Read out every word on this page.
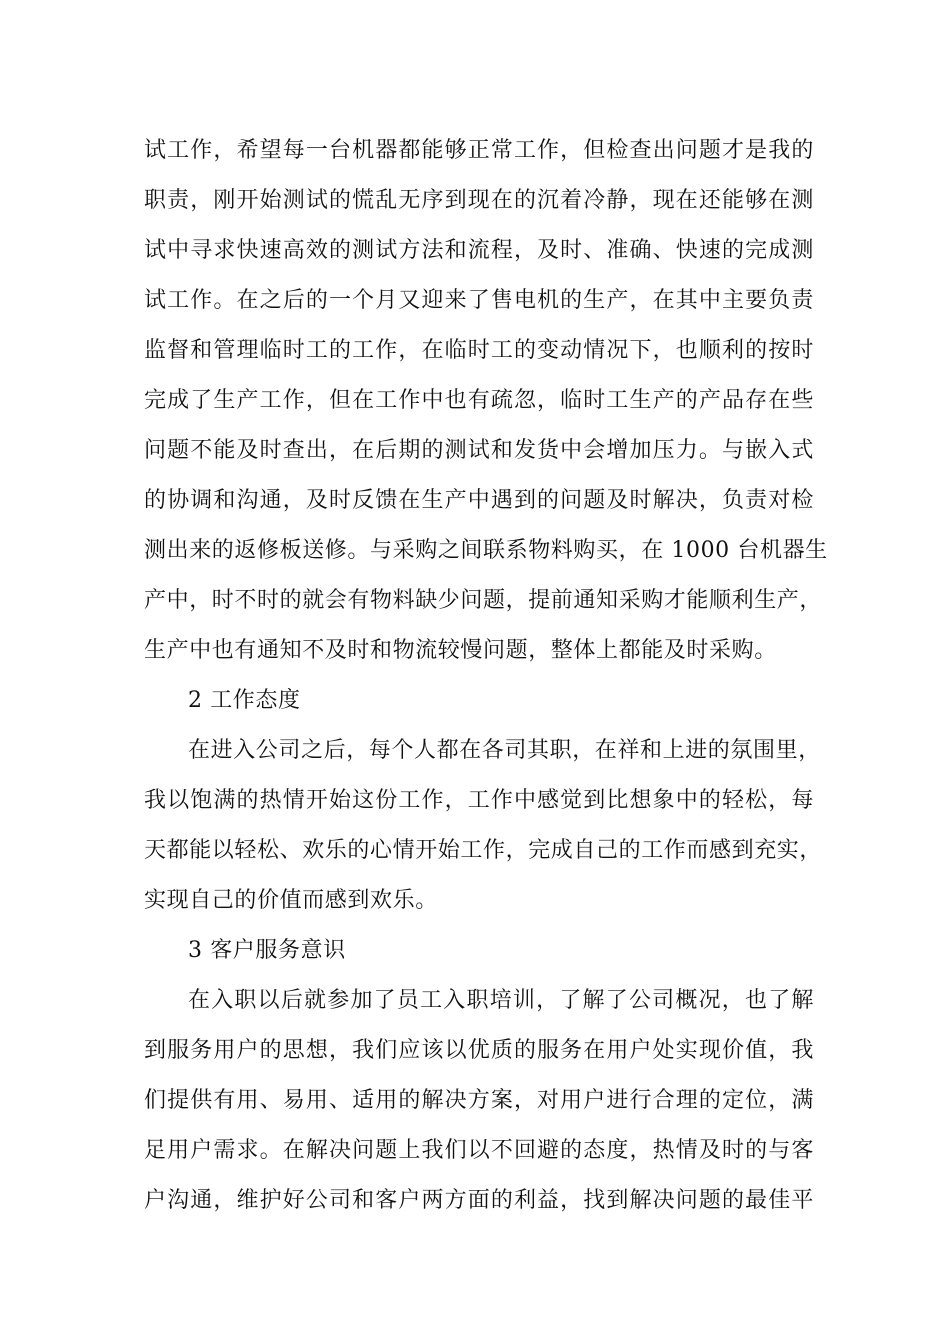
试工作，希望每一台机器都能够正常工作，但检查出问题才是我的
职责，刚开始测试的慌乱无序到现在的沉着冷静，现在还能够在测
试中寻求快速高效的测试方法和流程，及时、准确、快速的完成测
试工作。在之后的一个月又迎来了售电机的生产，在其中主要负责
监督和管理临时工的工作，在临时工的变动情况下，也顺利的按时
完成了生产工作，但在工作中也有疏忽，临时工生产的产品存在些
问题不能及时查出，在后期的测试和发货中会增加压力。与嵌入式
的协调和沟通，及时反馈在生产中遇到的问题及时解决，负责对检
测出来的返修板送修。与采购之间联系物料购买，在 1000 台机器生
产中，时不时的就会有物料缺少问题，提前通知采购才能顺利生产，
生产中也有通知不及时和物流较慢问题，整体上都能及时采购。
2 工作态度
在进入公司之后，每个人都在各司其职，在祥和上进的氛围里，
我以饱满的热情开始这份工作，工作中感觉到比想象中的轻松，每
天都能以轻松、欢乐的心情开始工作，完成自己的工作而感到充实，
实现自己的价值而感到欢乐。
3 客户服务意识
在入职以后就参加了员工入职培训，了解了公司概况，也了解
到服务用户的思想，我们应该以优质的服务在用户处实现价值，我
们提供有用、易用、适用的解决方案，对用户进行合理的定位，满
足用户需求。在解决问题上我们以不回避的态度，热情及时的与客
户沟通，维护好公司和客户两方面的利益，找到解决问题的最佳平
